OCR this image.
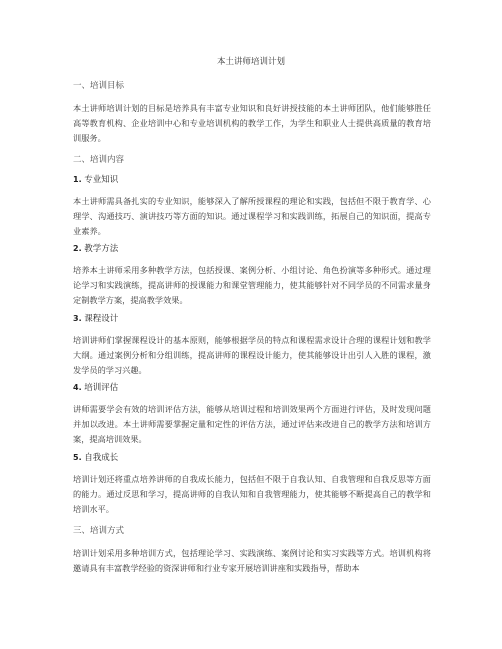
本土讲师培训计划
一、培训目标
本土讲师培训计划的目标是培养具有丰富专业知识和良好讲授技能的本土讲师团队，他们能够胜任高等教育机构、企业培训中心和专业培训机构的教学工作，为学生和职业人士提供高质量的教育培训服务。
二、培训内容
1. 专业知识
本土讲师需具备扎实的专业知识，能够深入了解所授课程的理论和实践，包括但不限于教育学、心理学、沟通技巧、演讲技巧等方面的知识。通过课程学习和实践训练，拓展自己的知识面，提高专业素养。
2. 教学方法
培养本土讲师采用多种教学方法，包括授课、案例分析、小组讨论、角色扮演等多种形式。通过理论学习和实践演练，提高讲师的授课能力和课堂管理能力，使其能够针对不同学员的不同需求量身定制教学方案，提高教学效果。
3. 课程设计
培训讲师们掌握课程设计的基本原则，能够根据学员的特点和课程需求设计合理的课程计划和教学大纲。通过案例分析和分组训练，提高讲师的课程设计能力，使其能够设计出引人入胜的课程，激发学员的学习兴趣。
4. 培训评估
讲师需要学会有效的培训评估方法，能够从培训过程和培训效果两个方面进行评估，及时发现问题并加以改进。本土讲师需要掌握定量和定性的评估方法，通过评估来改进自己的教学方法和培训方案，提高培训效果。
5. 自我成长
培训计划还将重点培养讲师的自我成长能力，包括但不限于自我认知、自我管理和自我反思等方面的能力。通过反思和学习，提高讲师的自我认知和自我管理能力，使其能够不断提高自己的教学和培训水平。
三、培训方式
培训计划采用多种培训方式，包括理论学习、实践演练、案例讨论和实习实践等方式。培训机构将邀请具有丰富教学经验的资深讲师和行业专家开展培训讲座和实践指导，帮助本
